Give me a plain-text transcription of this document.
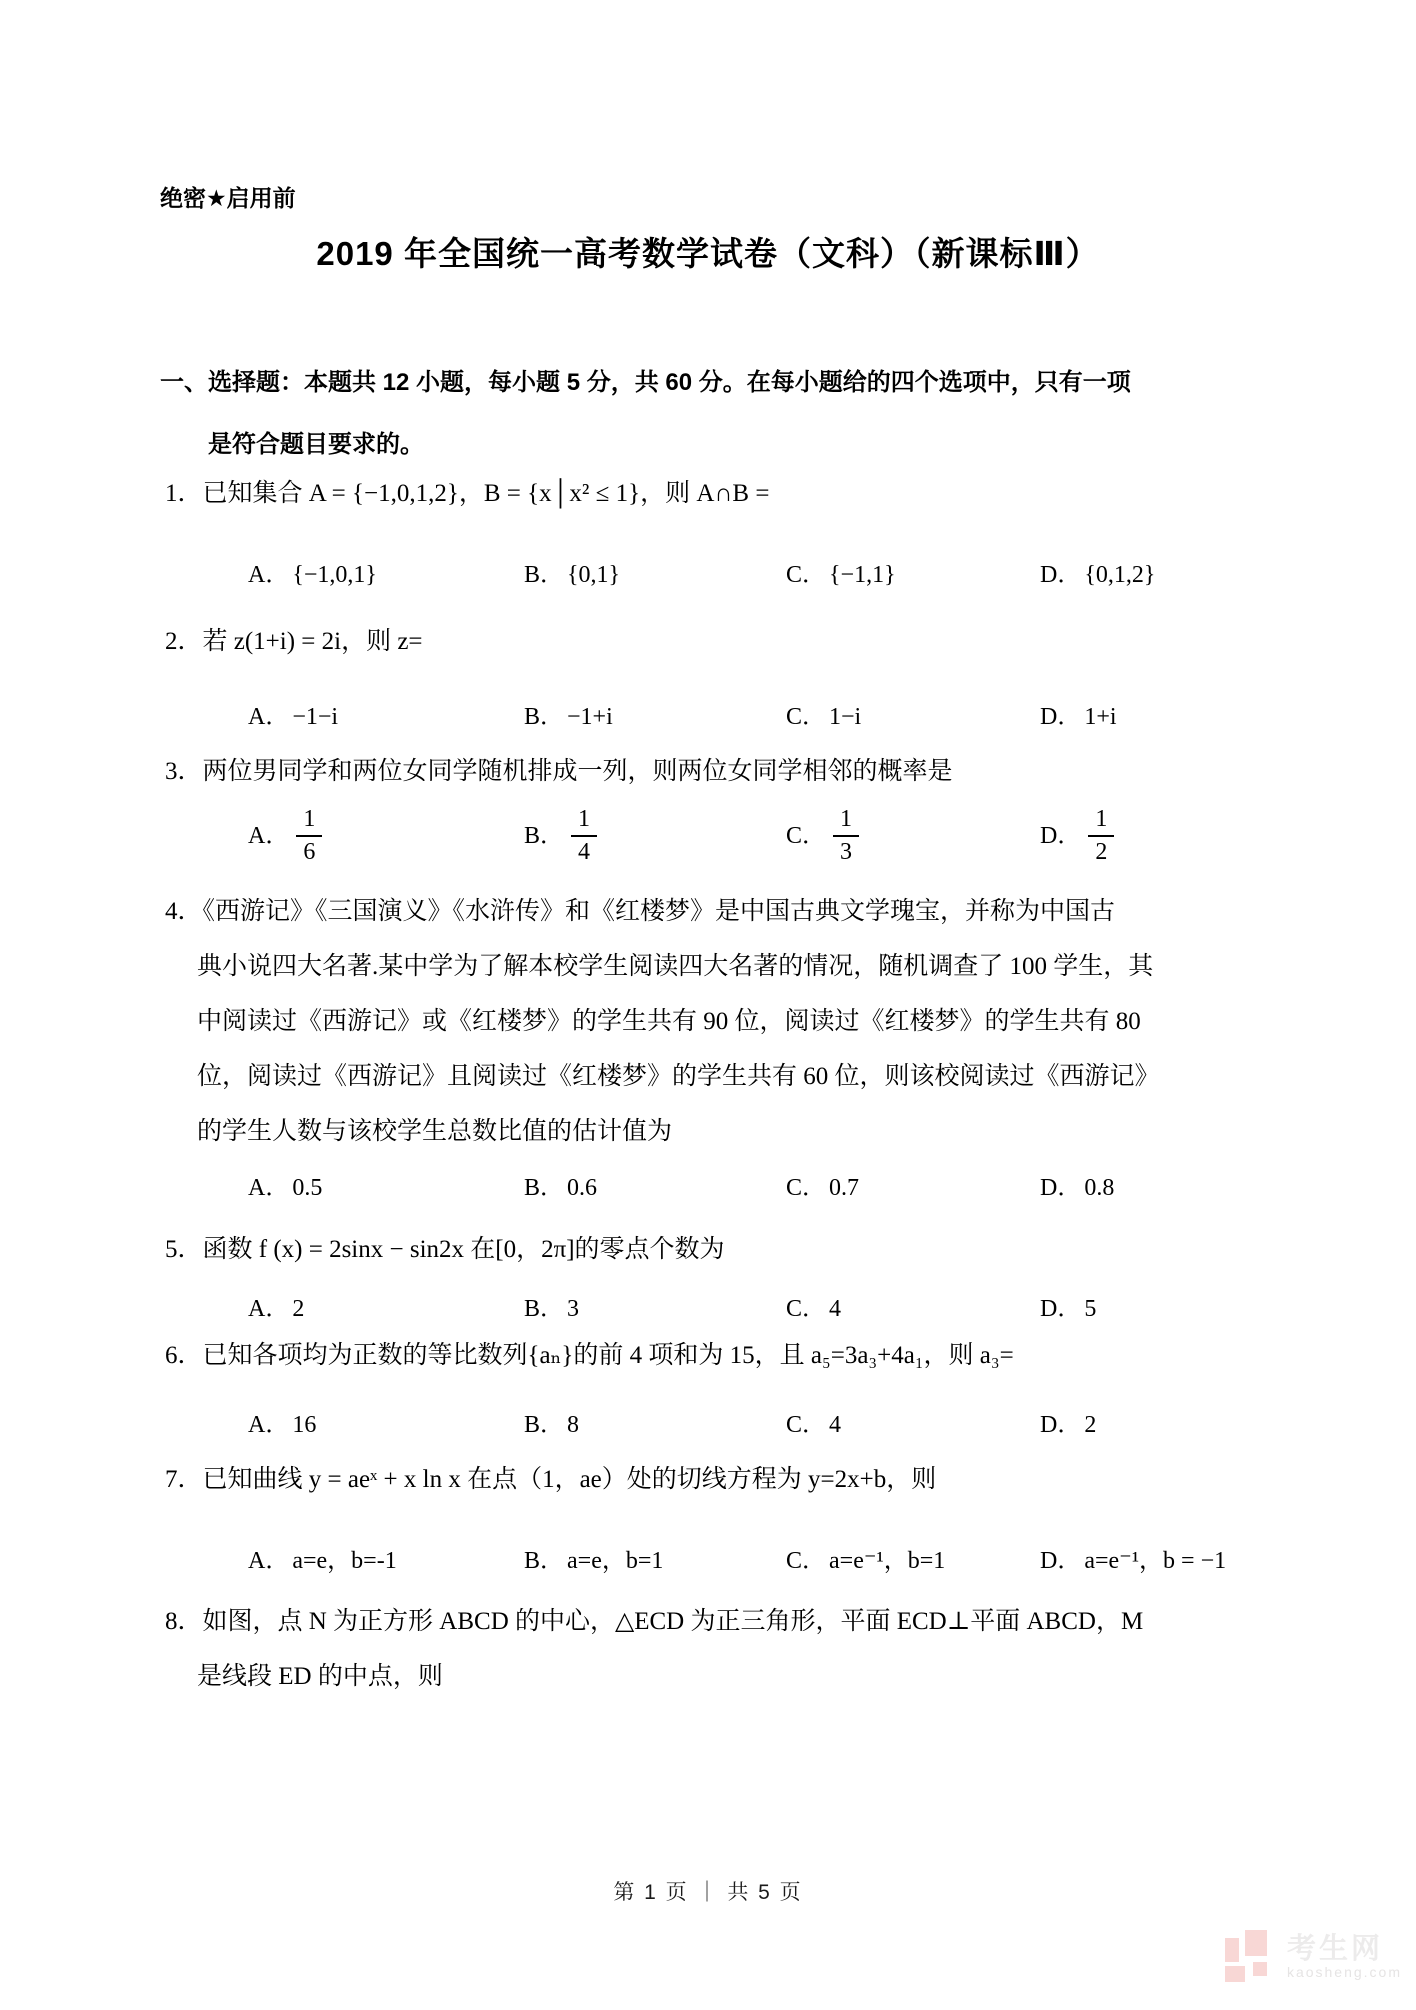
绝密★启用前
2019 年全国统一高考数学试卷（文科）（新课标Ⅲ）
一、选择题：本题共 12 小题，每小题 5 分，共 60 分。在每小题给的四个选项中，只有一项
是符合题目要求的。
1．已知集合 A = {−1,0,1,2}，B = {x│x² ≤ 1}，则 A∩B =
A． {−1,0,1}	B． {0,1}	C． {−1,1}	D． {0,1,2}
2．若 z(1+i) = 2i，则 z=
A． −1−i	B． −1+i	C． 1−i	D． 1+i
3．两位男同学和两位女同学随机排成一列，则两位女同学相邻的概率是
A． $\frac{1}{6}$	B． $\frac{1}{4}$	C． $\frac{1}{3}$	D． $\frac{1}{2}$
4．《西游记》《三国演义》《水浒传》和《红楼梦》是中国古典文学瑰宝，并称为中国古
典小说四大名著.某中学为了解本校学生阅读四大名著的情况，随机调查了 100 学生，其
中阅读过《西游记》或《红楼梦》的学生共有 90 位，阅读过《红楼梦》的学生共有 80
位，阅读过《西游记》且阅读过《红楼梦》的学生共有 60 位，则该校阅读过《西游记》
的学生人数与该校学生总数比值的估计值为
A． 0.5	B． 0.6	C． 0.7	D． 0.8
5．函数 f (x) = 2sinx − sin2x 在[0，2π]的零点个数为
A． 2	B． 3	C． 4	D． 5
6．已知各项均为正数的等比数列{aₙ}的前 4 项和为 15，且 a₅=3a₃+4a₁，则 a₃=
A． 16	B． 8	C． 4	D． 2
7．已知曲线 y = aeˣ + x ln x 在点（1，ae）处的切线方程为 y=2x+b，则
A． a=e，b=-1	B． a=e，b=1	C． a=e⁻¹，b=1	D． a=e⁻¹，b = −1
8．如图，点 N 为正方形 ABCD 的中心，△ECD 为正三角形，平面 ECD⊥平面 ABCD，M
是线段 ED 的中点，则
第 1 页 ｜ 共 5 页
考生网
kaosheng.com
